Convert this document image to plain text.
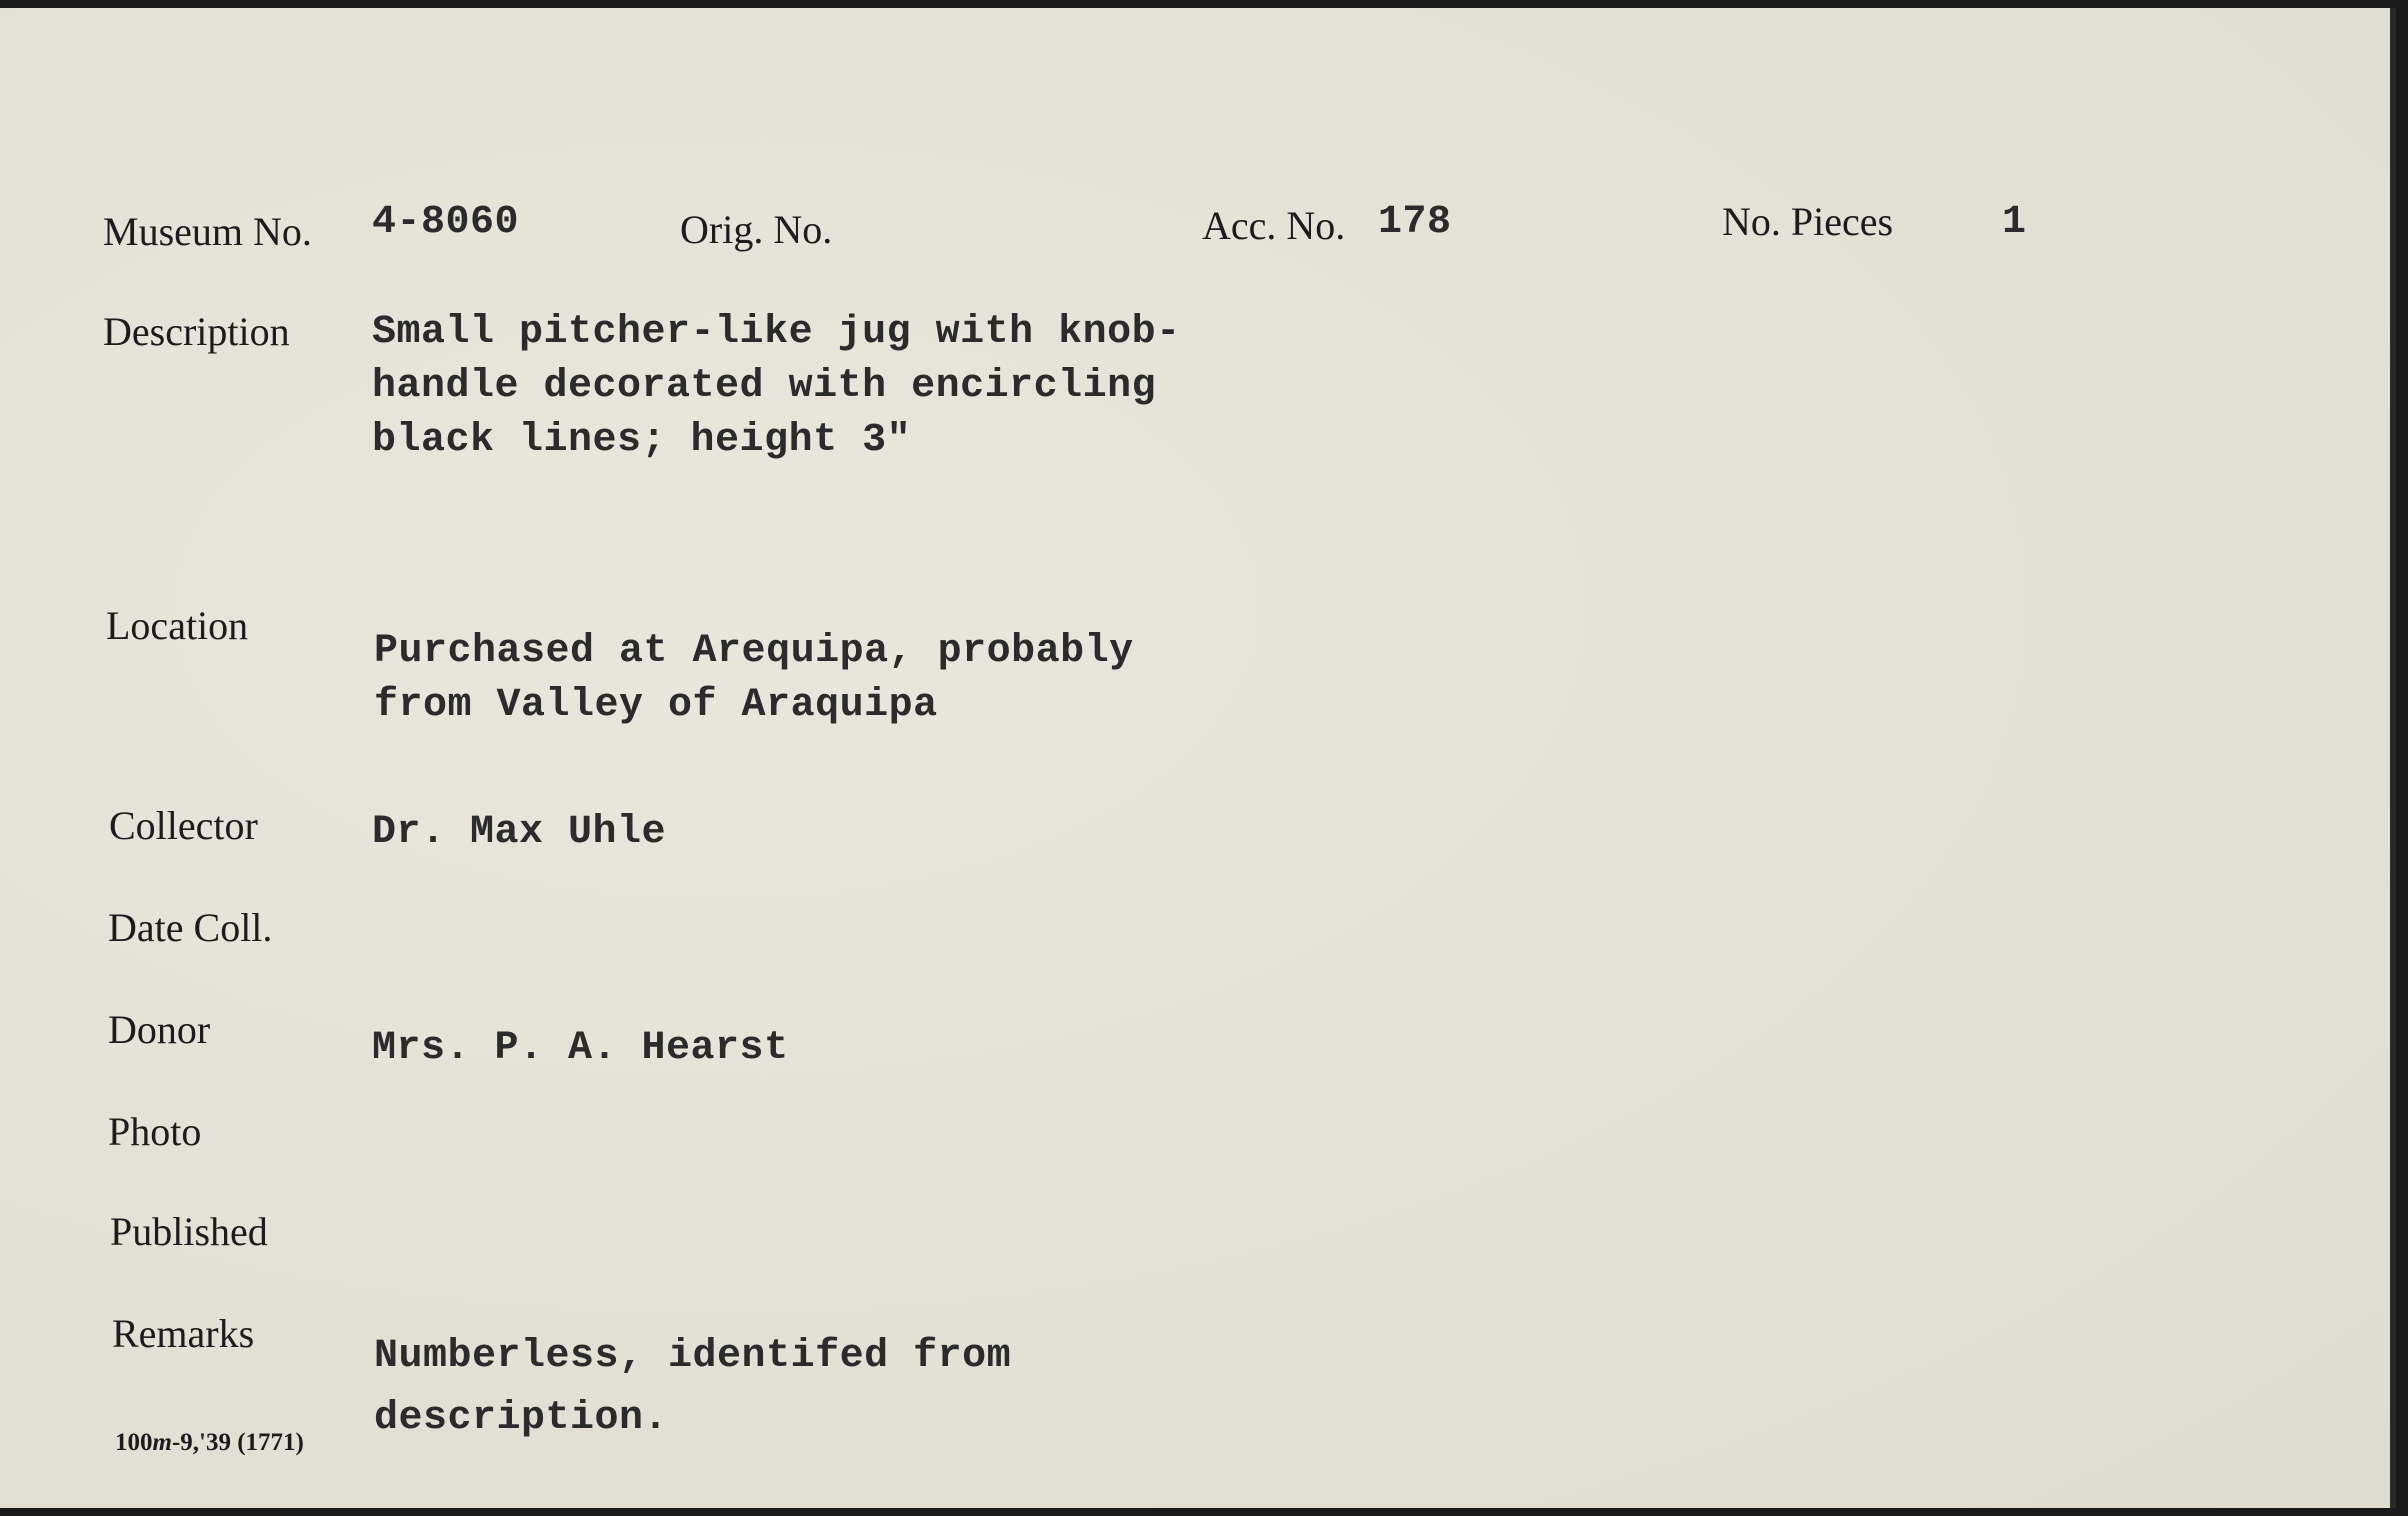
Museum No. 4-8060	Orig. No.	Acc. No. 178	No. Pieces	1
Description Small pitcher-like jug with knob-
handle decorated with encircling
black lines; height 3"
Location
Purchased at Arequipa, probably
from Valley of Araquipa
Collector	Dr. Max Uhle
Date Coll.
Donor	Mrs. P. A. Hearst
Photo
Published
Remarks
Numberless, identifed from
description.
100m-9,'39 (1771)
